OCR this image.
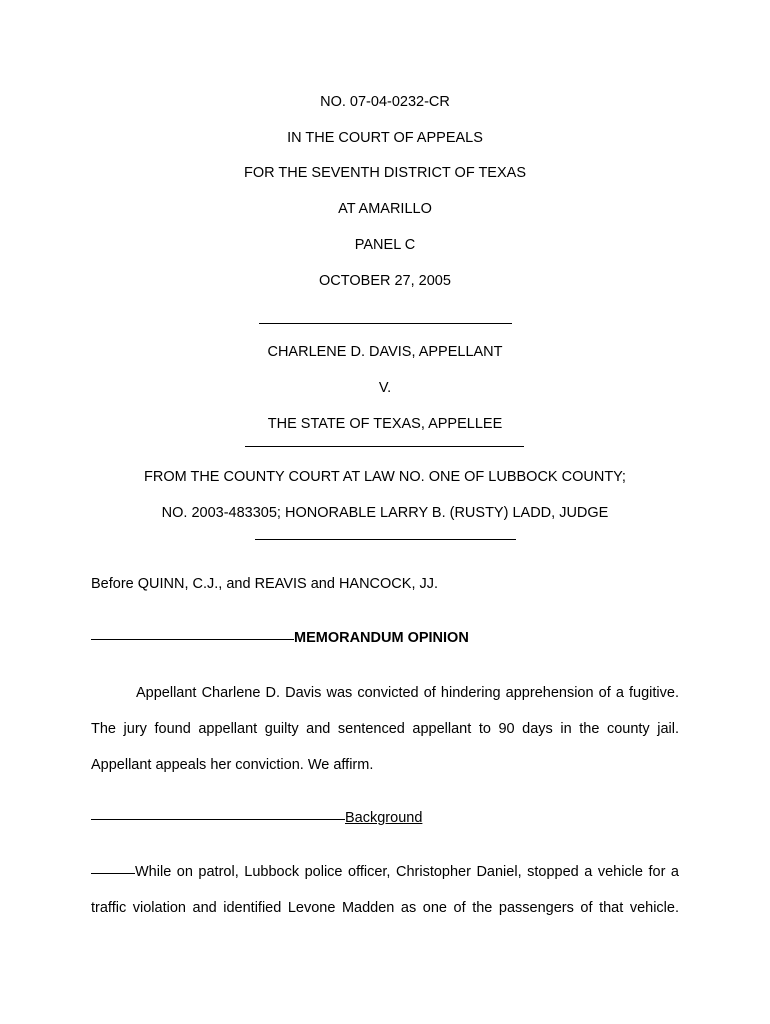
NO. 07-04-0232-CR
IN THE COURT OF APPEALS
FOR THE SEVENTH DISTRICT OF TEXAS
AT AMARILLO
PANEL C
OCTOBER 27, 2005
CHARLENE D. DAVIS, APPELLANT
V.
THE STATE OF TEXAS, APPELLEE
FROM THE COUNTY COURT AT LAW NO. ONE OF LUBBOCK COUNTY;
NO. 2003-483305; HONORABLE LARRY B. (RUSTY) LADD, JUDGE
Before QUINN, C.J., and REAVIS and HANCOCK, JJ.
MEMORANDUM OPINION
Appellant Charlene D. Davis was convicted of hindering apprehension of a fugitive.
The jury found appellant guilty and sentenced appellant to 90 days in the county jail.
Appellant appeals her conviction. We affirm.
Background
While on patrol, Lubbock police officer, Christopher Daniel, stopped a vehicle for a
traffic violation and identified Levone Madden as one of the passengers of that vehicle.
